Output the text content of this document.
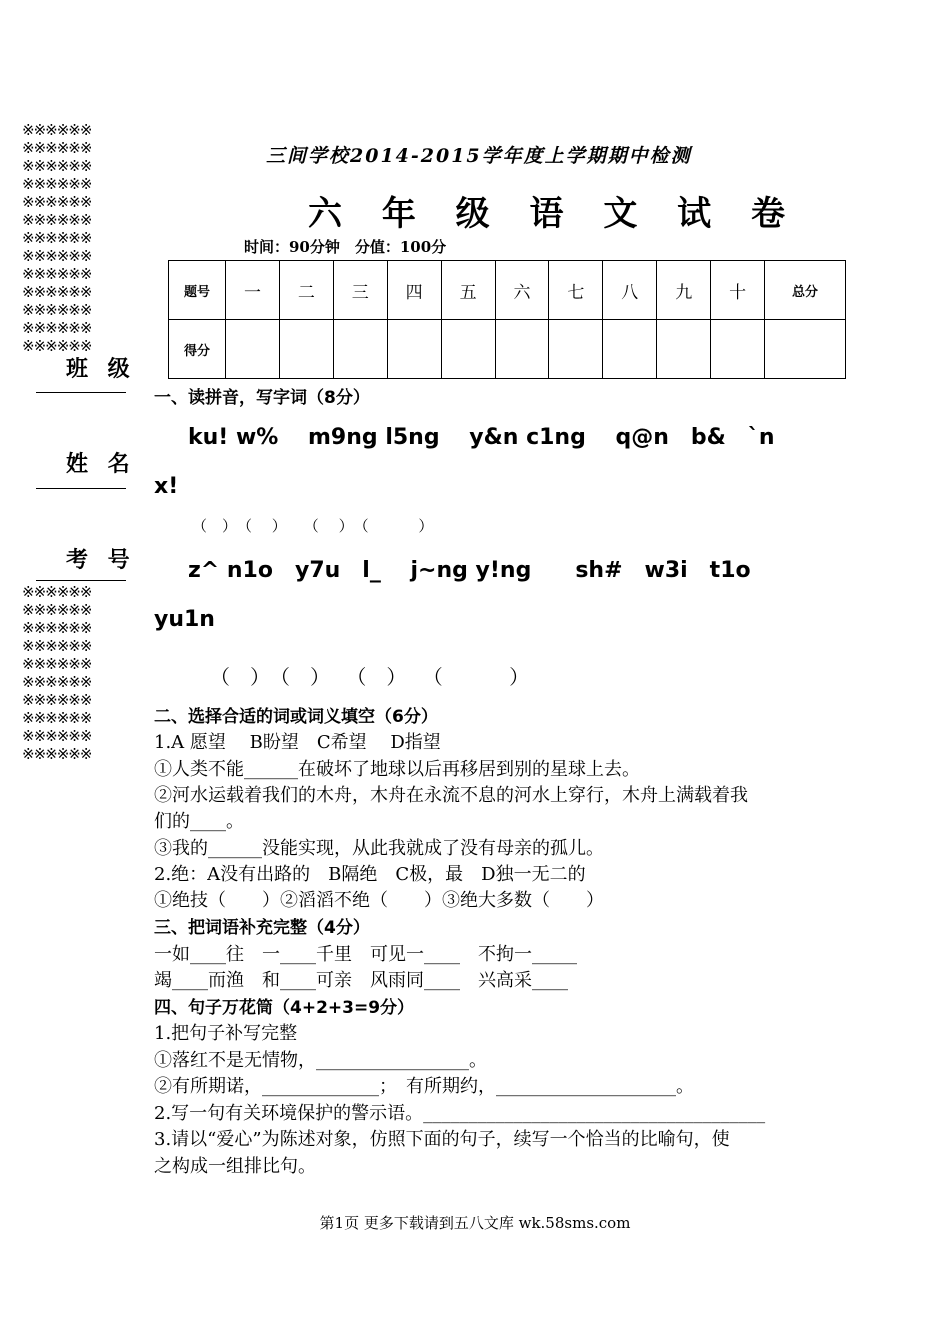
※※※※※※
※※※※※※
※※※※※※
※※※※※※
※※※※※※
※※※※※※
※※※※※※
※※※※※※
※※※※※※
※※※※※※
※※※※※※
※※※※※※
※※※※※※
班 级
姓 名
考 号
※※※※※※
※※※※※※
※※※※※※
※※※※※※
※※※※※※
※※※※※※
※※※※※※
※※※※※※
※※※※※※
※※※※※※
三间学校2014-2015学年度上学期期中检测
六 年 级 语 文 试 卷
时间：90分钟　分值：100分
题号	一	二	三	四	五	六	七	八	九	十	总分
得分											
一、读拼音，写字词（8分）
ku! w%　 m9ng l5ng　 y&n c1ng　 q@n　b&　`n
x!
（　）　（　 ）　  （　 ）　（　　　 ）
z^ n1o　y7u　l_　 j~ng y!ng　　sh#　w3i　t1o
yu1n
（　）　（　）　 （　）　 （　　　 ）
二、选择合适的词或词义填空（6分）
1.A 愿望　 B盼望　C希望　 D指望
①人类不能______在破坏了地球以后再移居到别的星球上去。
②河水运载着我们的木舟，木舟在永流不息的河水上穿行，木舟上满载着我
们的____。
③我的______没能实现，从此我就成了没有母亲的孤儿。
2.绝：A没有出路的　B隔绝　C极，最　D独一无二的
①绝技（　　）②滔滔不绝（　　）③绝大多数（　　）
三、把词语补充完整（4分）
一如____往　一____千里　可见一____　不拘一_____
竭____而渔　和____可亲　风雨同____　兴高采____
四、句子万花筒（4+2+3=9分）
1.把句子补写完整
①落红不是无情物，_________________。
②有所期诺，_____________；　有所期约，____________________。
2.写一句有关环境保护的警示语。______________________________________
3.请以“爱心”为陈述对象，仿照下面的句子，续写一个恰当的比喻句，使
之构成一组排比句。
第1页 更多下载请到五八文库 wk.58sms.com
